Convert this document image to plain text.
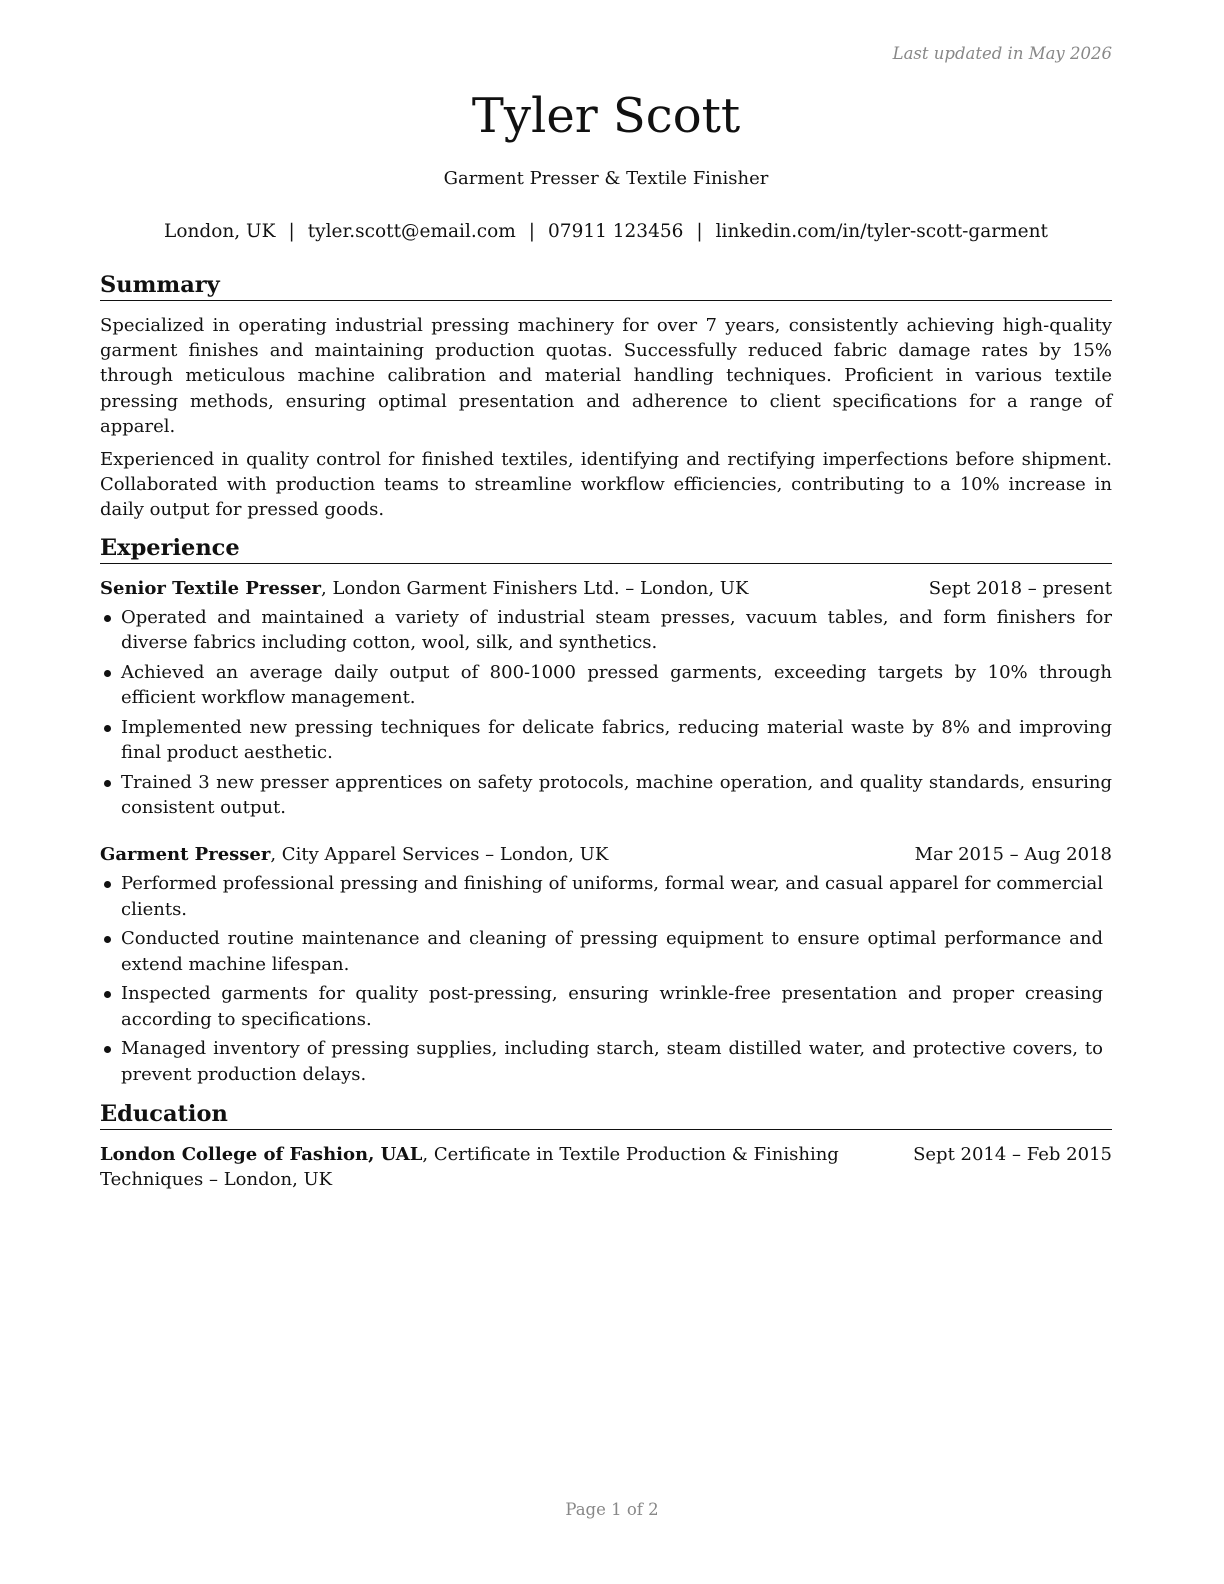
Last updated in May 2026
Tyler Scott
Garment Presser & Textile Finisher
London, UK | tyler.scott@email.com | 07911 123456 | linkedin.com/in/tyler-scott-garment
Summary

Specialized in operating industrial pressing machinery for over 7 years, consistently achieving high-quality garment finishes and maintaining production quotas. Successfully reduced fabric damage rates by 15% through meticulous machine calibration and material handling techniques. Proficient in various textile pressing methods, ensuring optimal presentation and adherence to client specifications for a range of apparel.

Experienced in quality control for finished textiles, identifying and rectifying imperfections before shipment. Collaborated with production teams to streamline workflow efficiencies, contributing to a 10% increase in daily output for pressed goods.

Experience
Senior Textile Presser, London Garment Finishers Ltd. – London, UK	Sept 2018 – present
Operated and maintained a variety of industrial steam presses, vacuum tables, and form finishers for diverse fabrics including cotton, wool, silk, and synthetics.
Achieved an average daily output of 800-1000 pressed garments, exceeding targets by 10% through efficient workflow management.
Implemented new pressing techniques for delicate fabrics, reducing material waste by 8% and improving final product aesthetic.
Trained 3 new presser apprentices on safety protocols, machine operation, and quality standards, ensuring consistent output.
Garment Presser, City Apparel Services – London, UK	Mar 2015 – Aug 2018
Performed professional pressing and finishing of uniforms, formal wear, and casual apparel for commercial clients.
Conducted routine maintenance and cleaning of pressing equipment to ensure optimal performance and extend machine lifespan.
Inspected garments for quality post-pressing, ensuring wrinkle-free presentation and proper creasing according to specifications.
Managed inventory of pressing supplies, including starch, steam distilled water, and protective covers, to prevent production delays.
Education
London College of Fashion, UAL, Certificate in Textile Production & Finishing Techniques – London, UK
Sept 2014 – Feb 2015
Page 1 of 2
